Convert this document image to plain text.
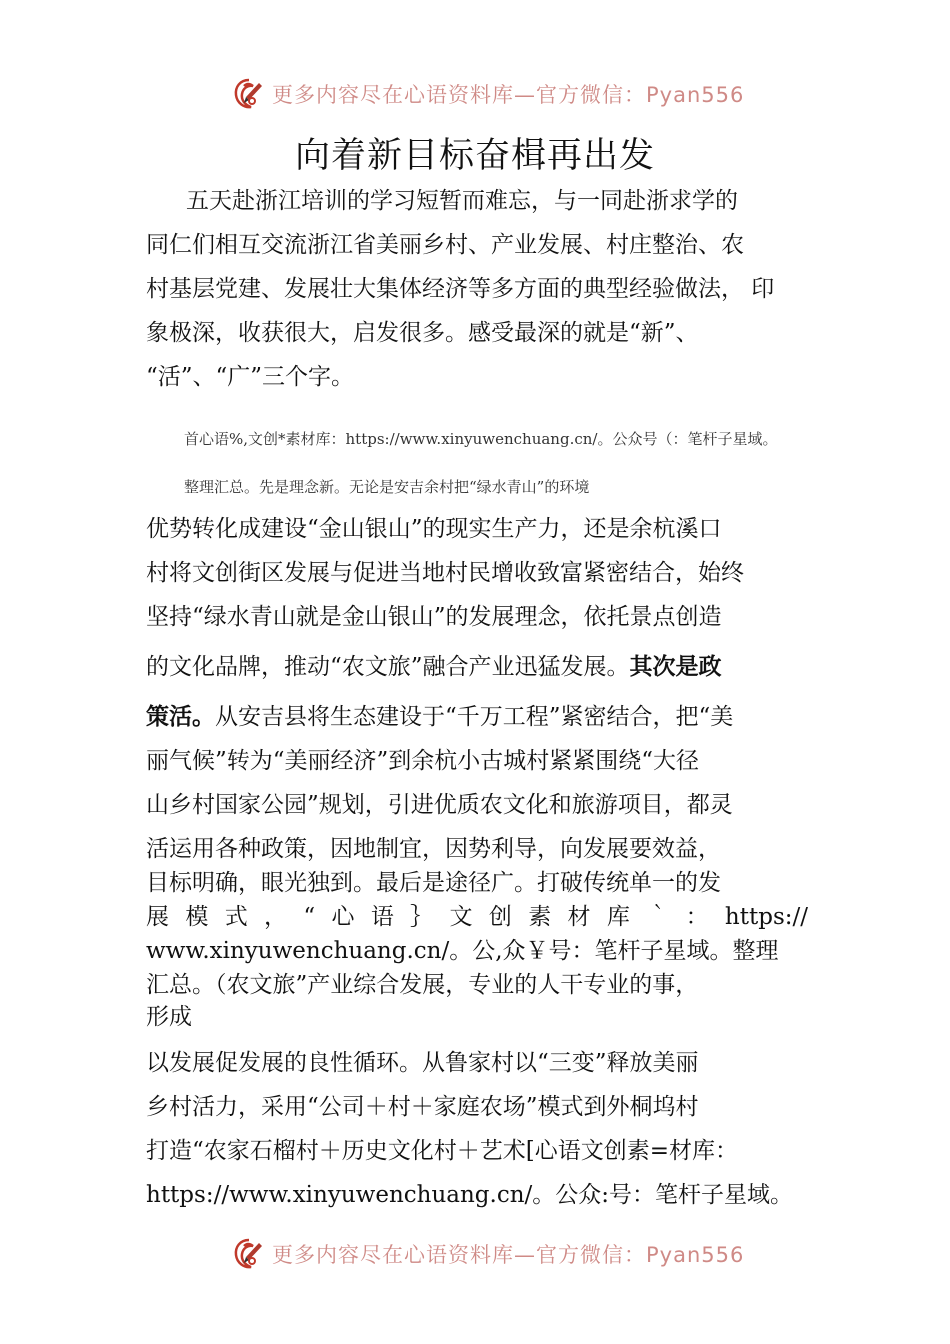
更多内容尽在心语资料库—官方微信：Pyan556
向着新目标奋楫再出发

五天赴浙江培训的学习短暂而难忘，与一同赴浙求学的

同仁们相互交流浙江省美丽乡村、产业发展、村庄整治、农

村基层党建、发展壮大集体经济等多方面的典型经验做法， 印

象极深，收获很大，启发很多。感受最深的就是“新”、

“活”、“广”三个字。

首心语%,文创*素材库：https://www.xinyuwenchuang.cn/。公众号（：笔杆子星域。

整理汇总。先是理念新。无论是安吉余村把“绿水青山”的环境

优势转化成建设“金山银山”的现实生产力，还是余杭溪口

村将文创街区发展与促进当地村民增收致富紧密结合，始终

坚持“绿水青山就是金山银山”的发展理念，依托景点创造

的文化品牌，推动“农文旅”融合产业迅猛发展。其次是政

策活。从安吉县将生态建设于“千万工程”紧密结合，把“美

丽气候”转为“美丽经济”到余杭小古城村紧紧围绕“大径

山乡村国家公园”规划，引进优质农文化和旅游项目，都灵

活运用各种政策，因地制宜，因势利导，向发展要效益，

目标明确，眼光独到。最后是途径广。打破传统单一的发

展 模 式 ， “ 心 语 ｝ 文 创 素 材 库 ｀ ： https://

www.xinyuwenchuang.cn/。公,众￥号：笔杆子星域。整理

汇总。（农文旅”产业综合发展，专业的人干专业的事，

形成

以发展促发展的良性循环。从鲁家村以“三变”释放美丽

乡村活力，采用“公司＋村＋家庭农场”模式到外桐坞村

打造“农家石榴村＋历史文化村＋艺术[心语文创素=材库：

https://www.xinyuwenchuang.cn/。公众:号：笔杆子星域。

更多内容尽在心语资料库—官方微信：Pyan556
